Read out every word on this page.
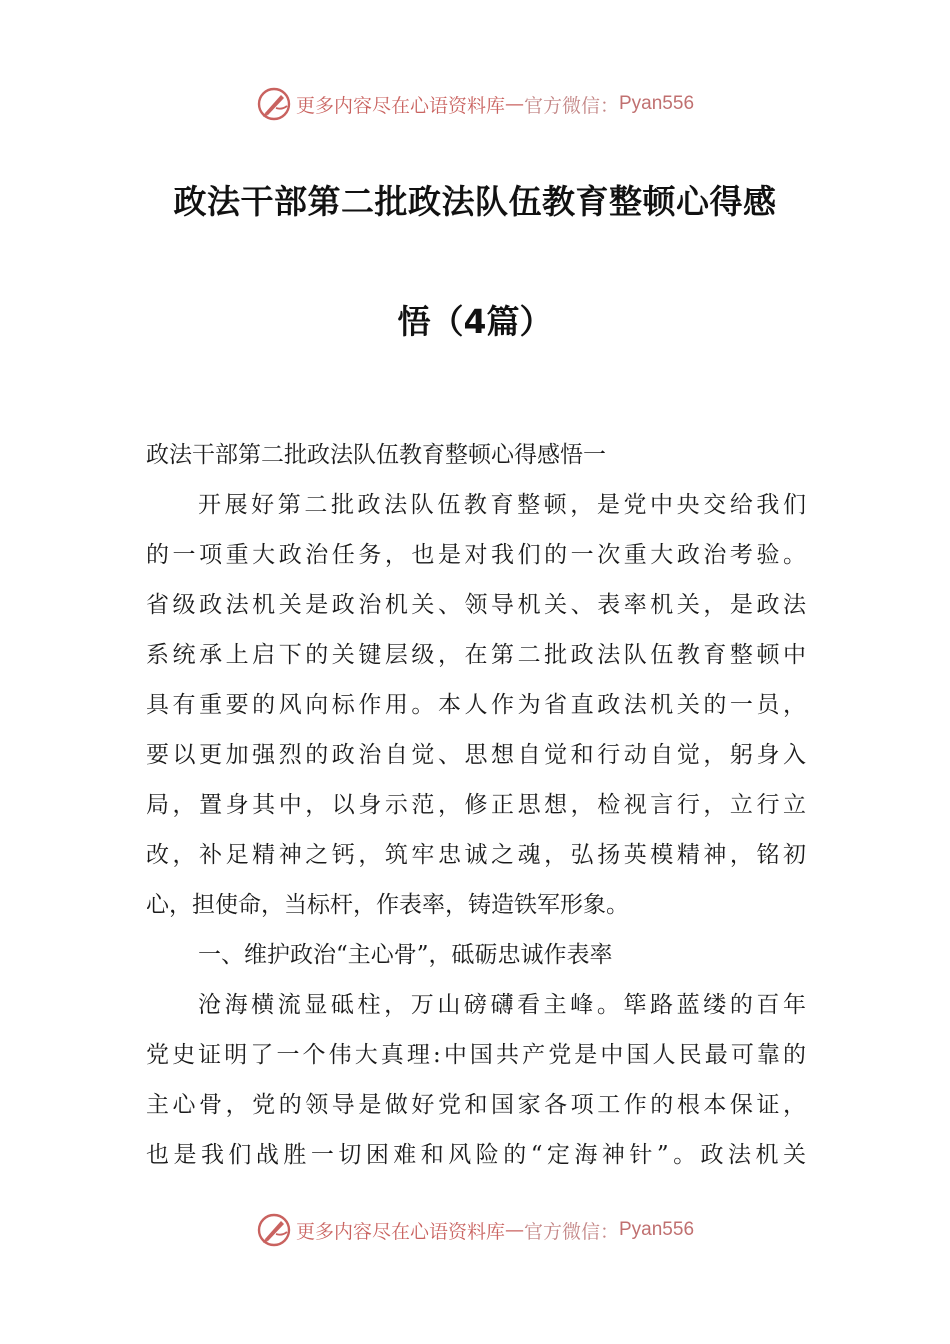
更多内容尽在心语资料库 — 官方微信： Pyan556
政法干部第二批政法队伍教育整顿心得感
悟（4篇）
政法干部第二批政法队伍教育整顿心得感悟一
开展好第二批政法队伍教育整顿，是党中央交给我们
的一项重大政治任务，也是对我们的一次重大政治考验。
省级政法机关是政治机关、领导机关、表率机关，是政法
系统承上启下的关键层级，在第二批政法队伍教育整顿中
具有重要的风向标作用。本人作为省直政法机关的一员，
要以更加强烈的政治自觉、思想自觉和行动自觉，躬身入
局，置身其中，以身示范，修正思想，检视言行，立行立
改，补足精神之钙，筑牢忠诚之魂，弘扬英模精神，铭初
心，担使命，当标杆，作表率，铸造铁军形象。
一、维护政治“主心骨”，砥砺忠诚作表率
沧海横流显砥柱，万山磅礴看主峰。筚路蓝缕的百年
党史证明了一个伟大真理:中国共产党是中国人民最可靠的
主心骨，党的领导是做好党和国家各项工作的根本保证，
也是我们战胜一切困难和风险的“定海神针”。政法机关
更多内容尽在心语资料库 — 官方微信： Pyan556
